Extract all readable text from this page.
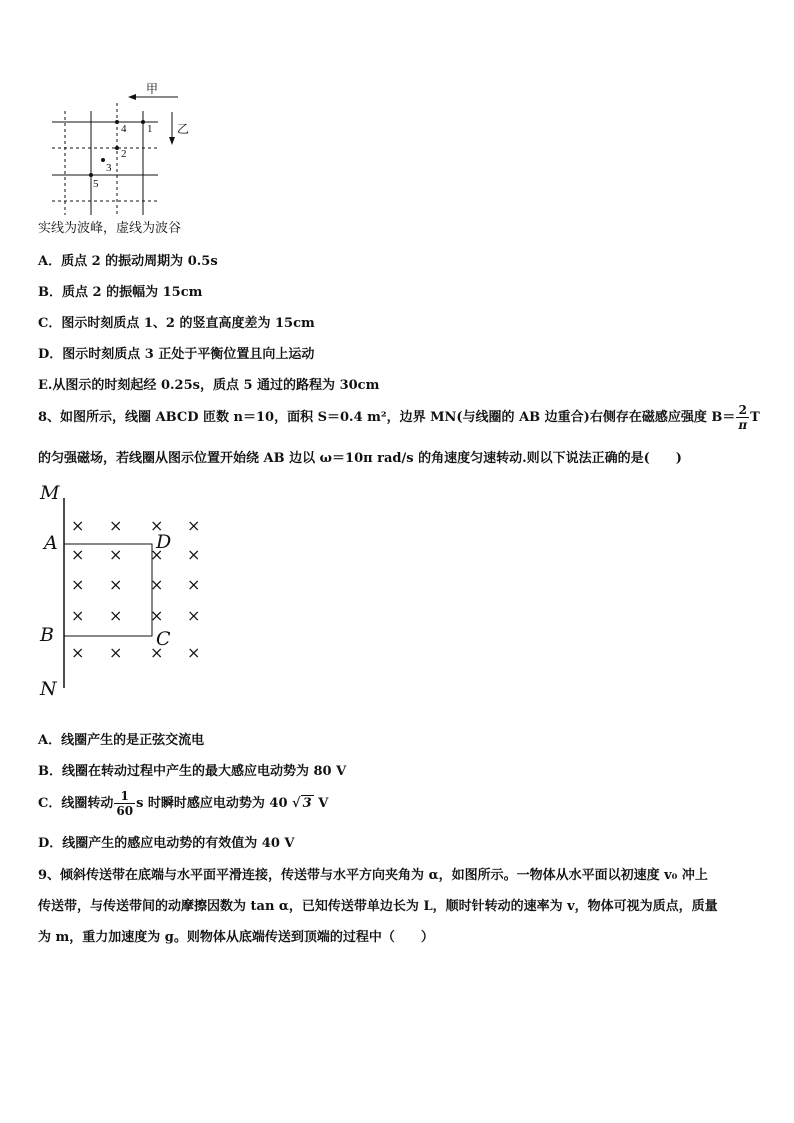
甲
乙
4 1
2
3
5
实线为波峰，虚线为波谷
A．质点 2 的振动周期为 0.5s
B．质点 2 的振幅为 15cm
C．图示时刻质点 1、2 的竖直高度差为 15cm
D．图示时刻质点 3 正处于平衡位置且向上运动
E.从图示的时刻起经 0.25s，质点 5 通过的路程为 30cm
8、如图所示，线圈 ABCD 匝数 n＝10，面积 S＝0.4 m²，边界 MN(与线圈的 AB 边重合)右侧存在磁感应强度 $B= \frac{2}{\pi}$ T
的匀强磁场，若线圈从图示位置开始绕 AB 边以 ω＝10π rad/s 的角速度匀速转动.则以下说法正确的是(　　)
M
A	D
B	C
N
× × × ×
× × × ×
× × × ×
× × × ×
× × × ×
A．线圈产生的是正弦交流电
B．线圈在转动过程中产生的最大感应电动势为 80 V
C．线圈转动 $\frac{1}{60}$ s 时瞬时感应电动势为 40 √ 3 V
D．线圈产生的感应电动势的有效值为 40 V
9、倾斜传送带在底端与水平面平滑连接，传送带与水平方向夹角为 α，如图所示。一物体从水平面以初速度 v₀ 冲上
传送带，与传送带间的动摩擦因数为 tan α，已知传送带单边长为 L，顺时针转动的速率为 v，物体可视为质点，质量
为 m，重力加速度为 g。则物体从底端传送到顶端的过程中（　　）
